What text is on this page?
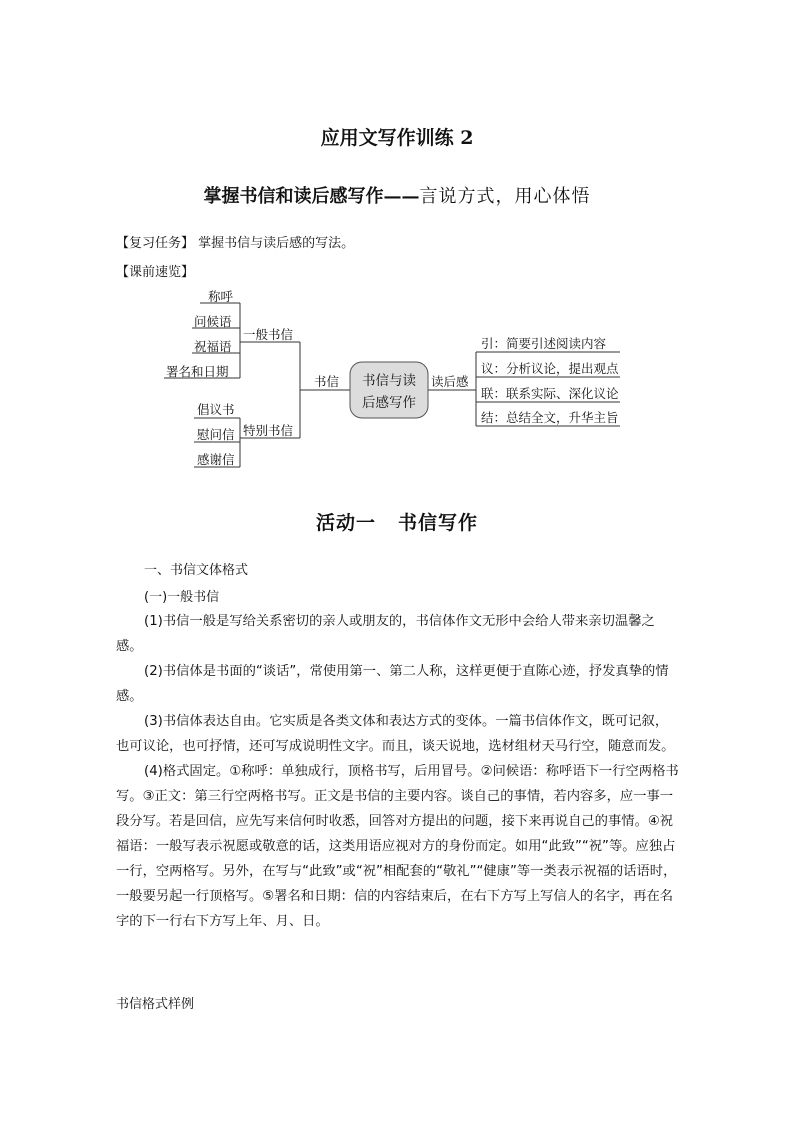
应用文写作训练 2
掌握书信和读后感写作——言说方式，用心体悟
【复习任务】 掌握书信与读后感的写法。
【课前速览】
书信与读
后感写作
称呼
问候语
祝福语
署名和日期
一般书信
倡议书
慰问信
感谢信
特别书信
书信	读后感
引：简要引述阅读内容
议：分析议论，提出观点
联：联系实际、深化议论
结：总结全文，升华主旨
活动一 书信写作
一、书信文体格式
(一)一般书信

(1)书信一般是写给关系密切的亲人或朋友的，书信体作文无形中会给人带来亲切温馨之感。

(2)书信体是书面的“谈话”，常使用第一、第二人称，这样更便于直陈心迹，抒发真挚的情感。

(3)书信体表达自由。它实质是各类文体和表达方式的变体。一篇书信体作文，既可记叙，也可议论，也可抒情，还可写成说明性文字。而且，谈天说地，选材组材天马行空，随意而发。

(4)格式固定。①称呼：单独成行，顶格书写，后用冒号。②问候语：称呼语下一行空两格书写。③正文：第三行空两格书写。正文是书信的主要内容。谈自己的事情，若内容多，应一事一段分写。若是回信，应先写来信何时收悉，回答对方提出的问题，接下来再说自己的事情。④祝福语：一般写表示祝愿或敬意的话，这类用语应视对方的身份而定。如用“此致”“祝”等。应独占一行，空两格写。另外，在写与“此致”或“祝”相配套的“敬礼”“健康”等一类表示祝福的话语时，一般要另起一行顶格写。⑤署名和日期：信的内容结束后，在右下方写上写信人的名字，再在名字的下一行右下方写上年、月、日。

书信格式样例
